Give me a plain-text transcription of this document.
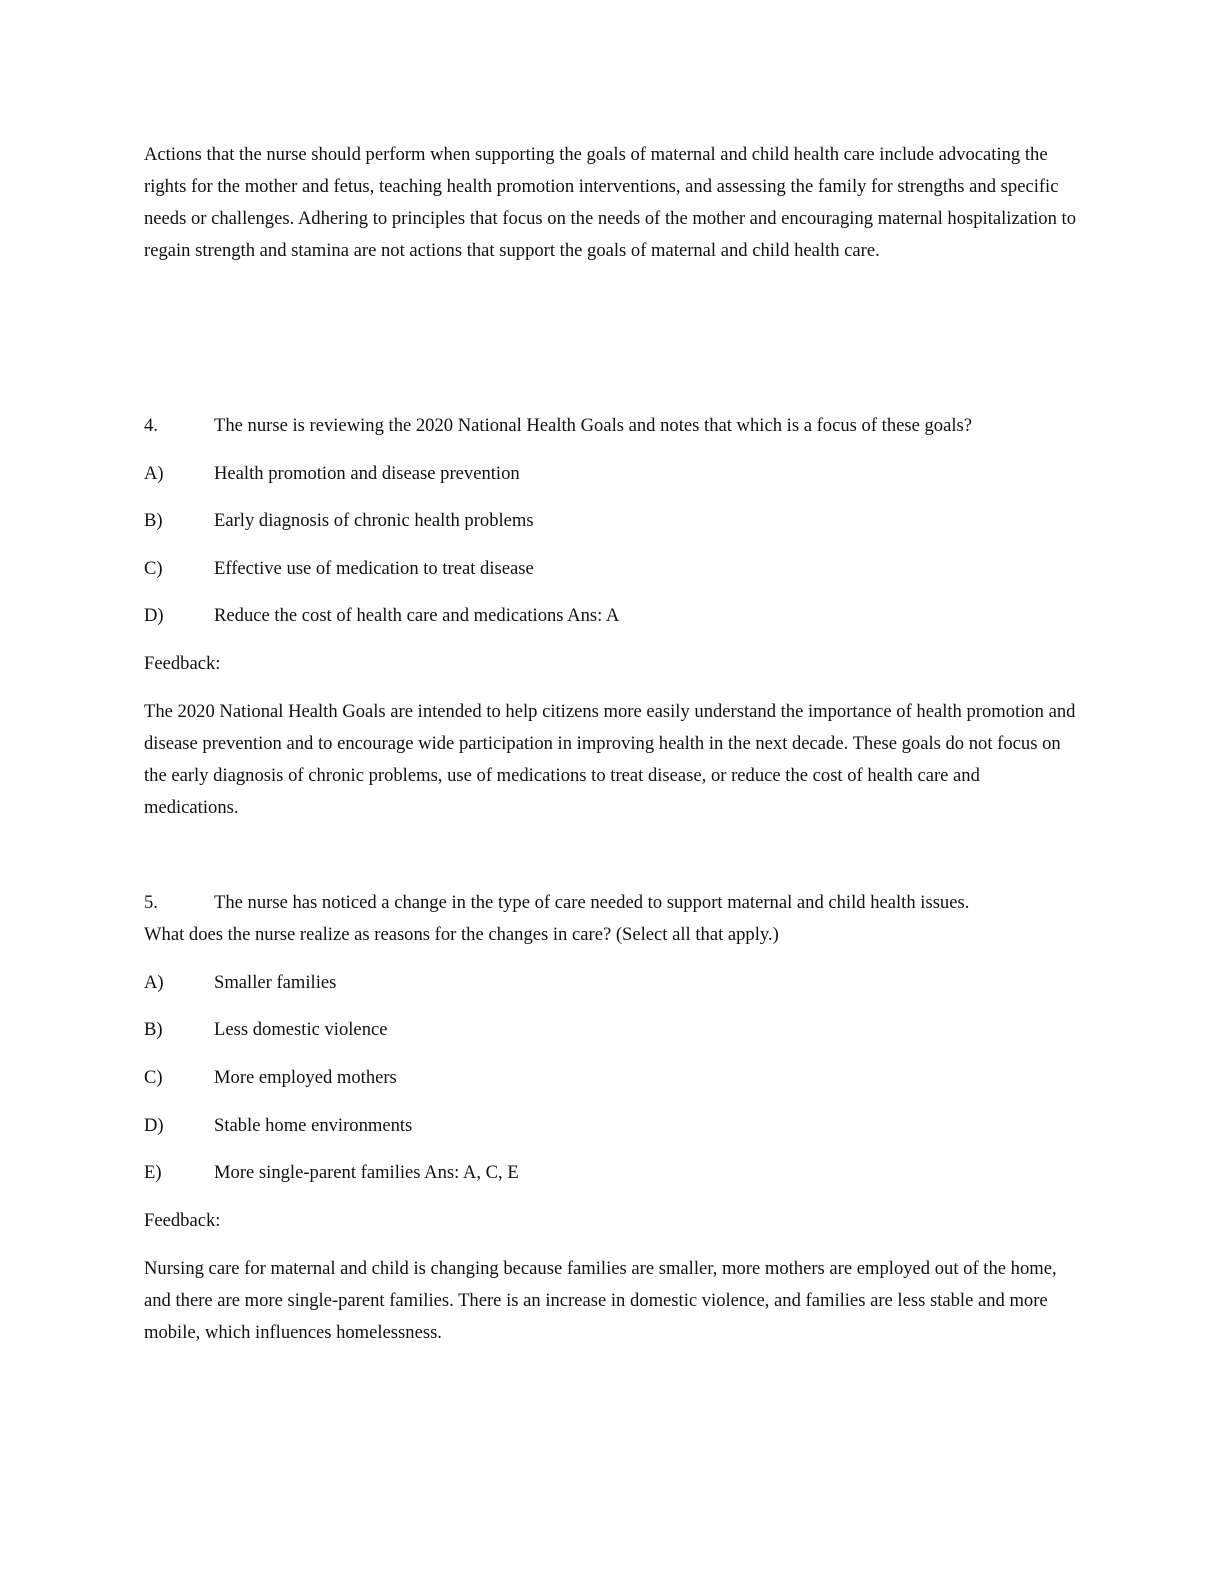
Actions that the nurse should perform when supporting the goals of maternal and child health care include advocating the rights for the mother and fetus, teaching health promotion interventions, and assessing the family for strengths and specific needs or challenges. Adhering to principles that focus on the needs of the mother and encouraging maternal hospitalization to regain strength and stamina are not actions that support the goals of maternal and child health care.

4.	The nurse is reviewing the 2020 National Health Goals and notes that which is a focus of these goals?
A)	Health promotion and disease prevention
B)	Early diagnosis of chronic health problems
C)	Effective use of medication to treat disease
D)	Reduce the cost of health care and medications Ans: A
Feedback:

The 2020 National Health Goals are intended to help citizens more easily understand the importance of health promotion and disease prevention and to encourage wide participation in improving health in the next decade. These goals do not focus on the early diagnosis of chronic problems, use of medications to treat disease, or reduce the cost of health care and medications.

5.	The nurse has noticed a change in the type of care needed to support maternal and child health issues.
What does the nurse realize as reasons for the changes in care? (Select all that apply.)
A)	Smaller families
B)	Less domestic violence
C)	More employed mothers
D)	Stable home environments
E)	More single-parent families Ans: A, C, E
Feedback:

Nursing care for maternal and child is changing because families are smaller, more mothers are employed out of the home, and there are more single-parent families. There is an increase in domestic violence, and families are less stable and more mobile, which influences homelessness.
